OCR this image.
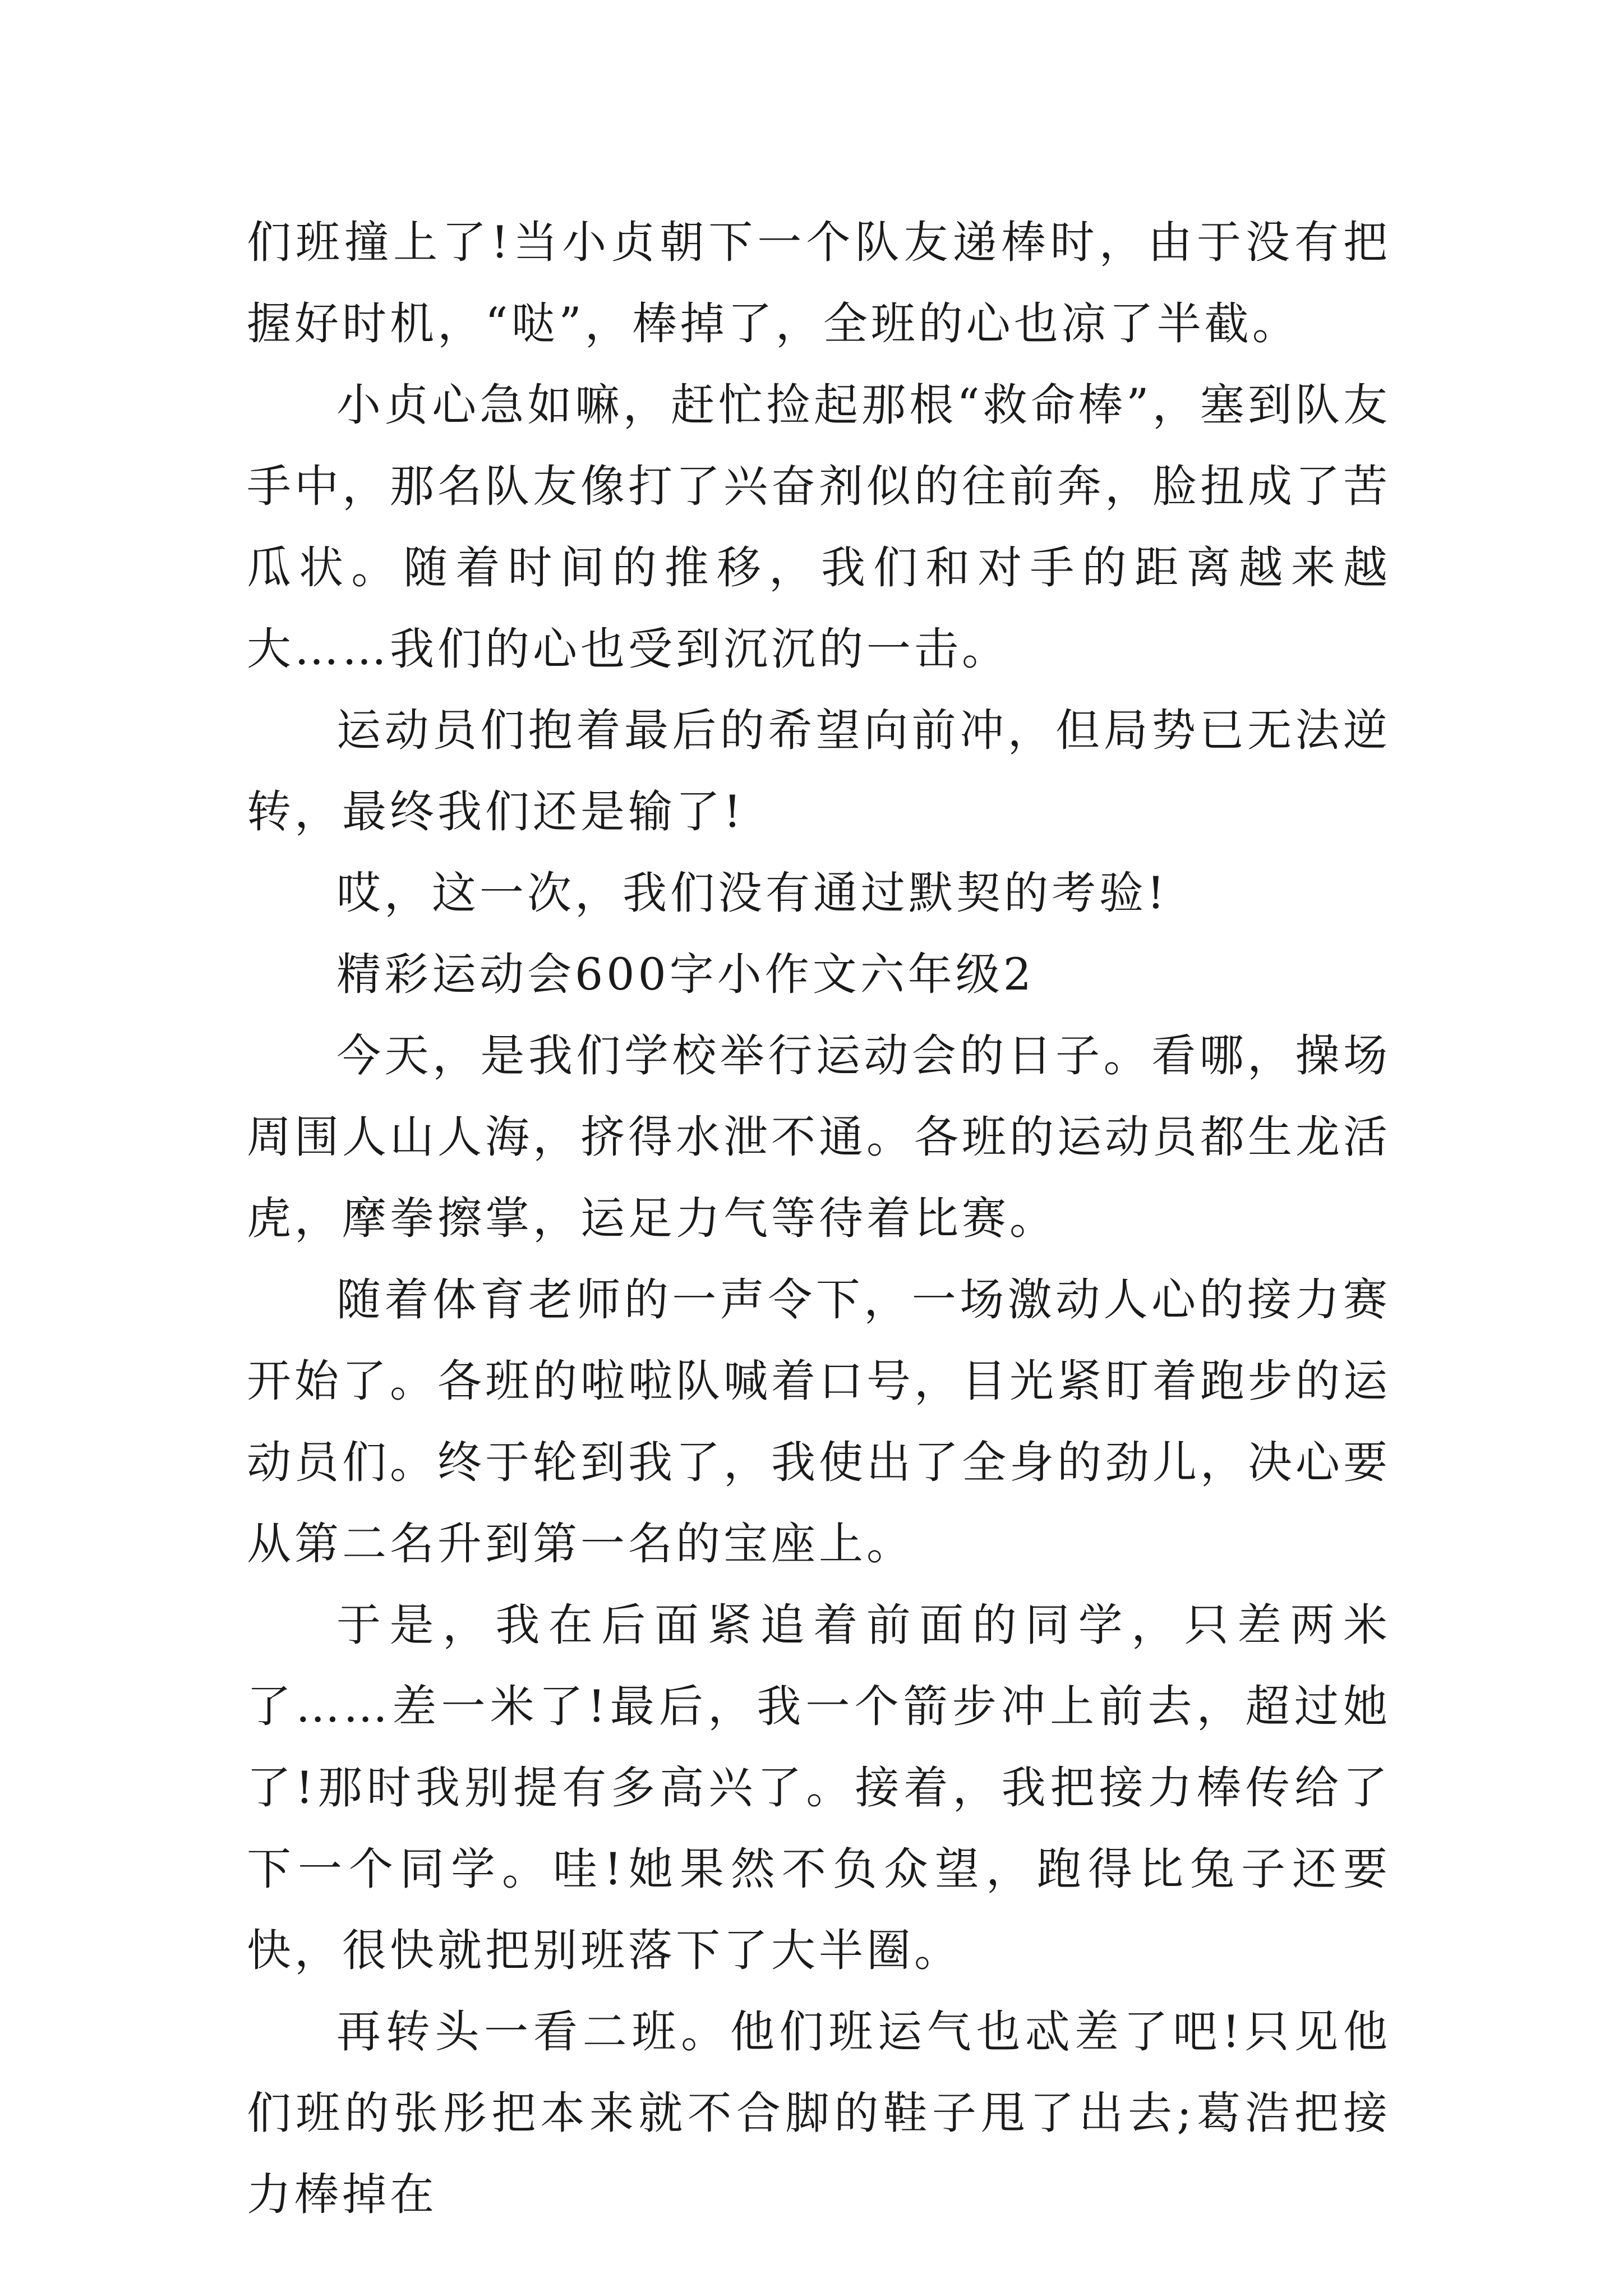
们班撞上了!当小贞朝下一个队友递棒时，由于没有把握好时机，“哒”，棒掉了，全班的心也凉了半截。

小贞心急如嘛，赶忙捡起那根“救命棒”，塞到队友手中，那名队友像打了兴奋剂似的往前奔，脸扭成了苦瓜状。随着时间的推移，我们和对手的距离越来越大……我们的心也受到沉沉的一击。

运动员们抱着最后的希望向前冲，但局势已无法逆转，最终我们还是输了!

哎，这一次，我们没有通过默契的考验!

精彩运动会600字小作文六年级2

今天，是我们学校举行运动会的日子。看哪，操场周围人山人海，挤得水泄不通。各班的运动员都生龙活虎，摩拳擦掌，运足力气等待着比赛。

随着体育老师的一声令下，一场激动人心的接力赛开始了。各班的啦啦队喊着口号，目光紧盯着跑步的运动员们。终于轮到我了，我使出了全身的劲儿，决心要从第二名升到第一名的宝座上。

于是，我在后面紧追着前面的同学，只差两米了……差一米了!最后，我一个箭步冲上前去，超过她了!那时我别提有多高兴了。接着，我把接力棒传给了下一个同学。哇!她果然不负众望，跑得比兔子还要快，很快就把别班落下了大半圈。

再转头一看二班。他们班运气也忒差了吧!只见他们班的张彤把本来就不合脚的鞋子甩了出去;葛浩把接力棒掉在
